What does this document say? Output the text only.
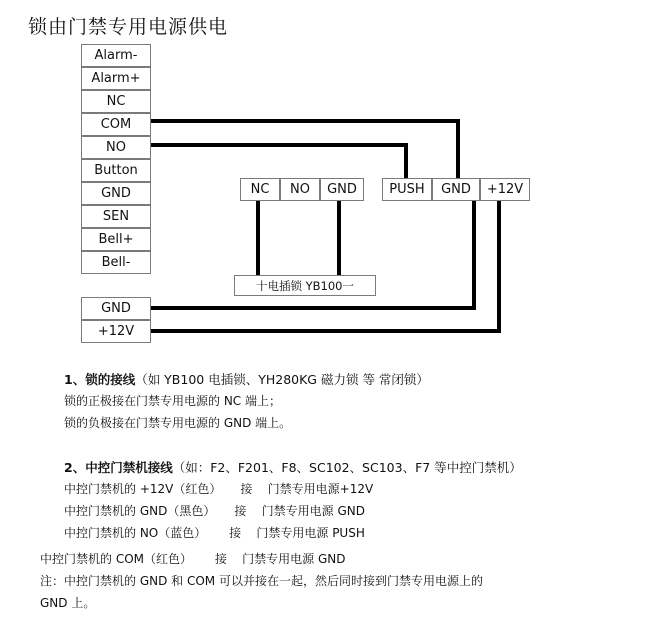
锁由门禁专用电源供电
Alarm-
Alarm+
NC
COM
NO
Button
GND
SEN
Bell+
Bell-
GND
+12V
NC	NO	GND	PUSH	GND	+12V
十电插锁 YB100一
1、锁的接线（如 YB100 电插锁、YH280KG 磁力锁 等 常闭锁）
锁的正极接在门禁专用电源的 NC 端上；
锁的负极接在门禁专用电源的 GND 端上。
2、中控门禁机接线（如：F2、F201、F8、SC102、SC103、F7 等中控门禁机）
中控门禁机的 +12V（红色）     接    门禁专用电源+12V
中控门禁机的 GND（黑色）     接    门禁专用电源 GND
中控门禁机的 NO（蓝色）      接    门禁专用电源 PUSH
中控门禁机的 COM（红色）      接    门禁专用电源 GND
注：中控门禁机的 GND 和 COM 可以并接在一起，然后同时接到门禁专用电源上的
GND 上。
